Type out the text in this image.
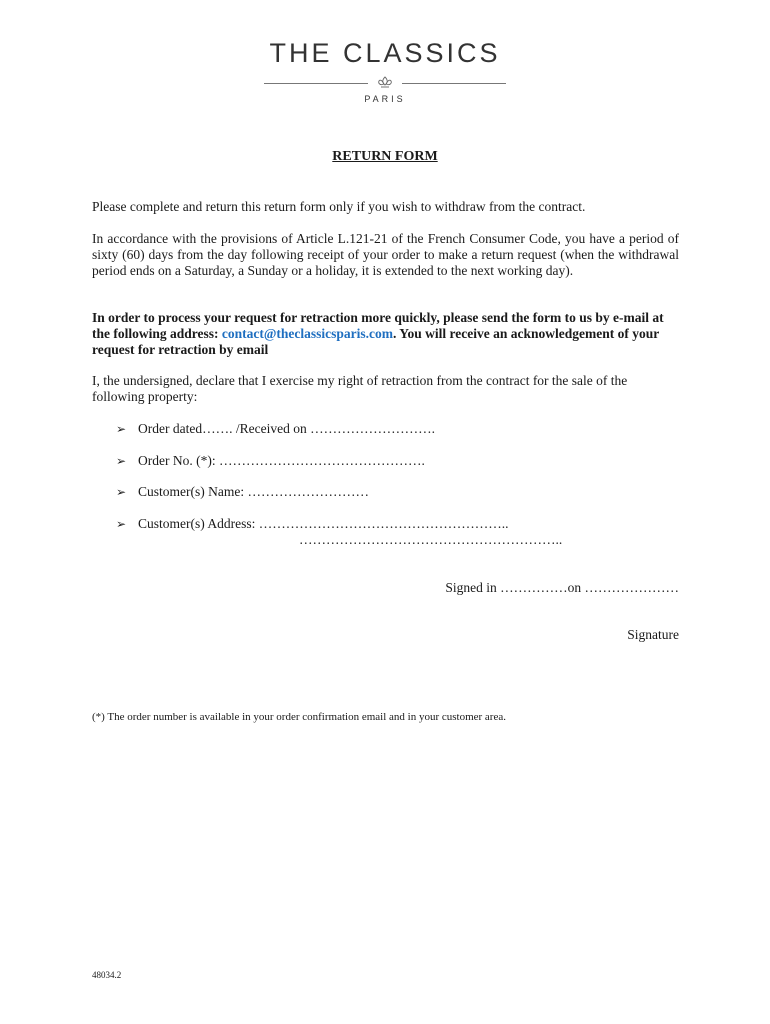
THE CLASSICS
PARIS
RETURN FORM
Please complete and return this return form only if you wish to withdraw from the contract.
In accordance with the provisions of Article L.121-21 of the French Consumer Code, you have a period of sixty (60) days from the day following receipt of your order to make a return request (when the withdrawal period ends on a Saturday, a Sunday or a holiday, it is extended to the next working day).
In order to process your request for retraction more quickly, please send the form to us by e-mail at the following address: contact@theclassicsparis.com. You will receive an acknowledgement of your request for retraction by email
I, the undersigned, declare that I exercise my right of retraction from the contract for the sale of the following property:
➢ Order dated……. /Received on ……………………….
➢ Order No. (*): ……………………………………….
➢ Customer(s) Name: ………………………
➢ Customer(s) Address: ………………………………………………..
…………………………………………………..
Signed in ……………on …………………
Signature
(*) The order number is available in your order confirmation email and in your customer area.
48034.2
